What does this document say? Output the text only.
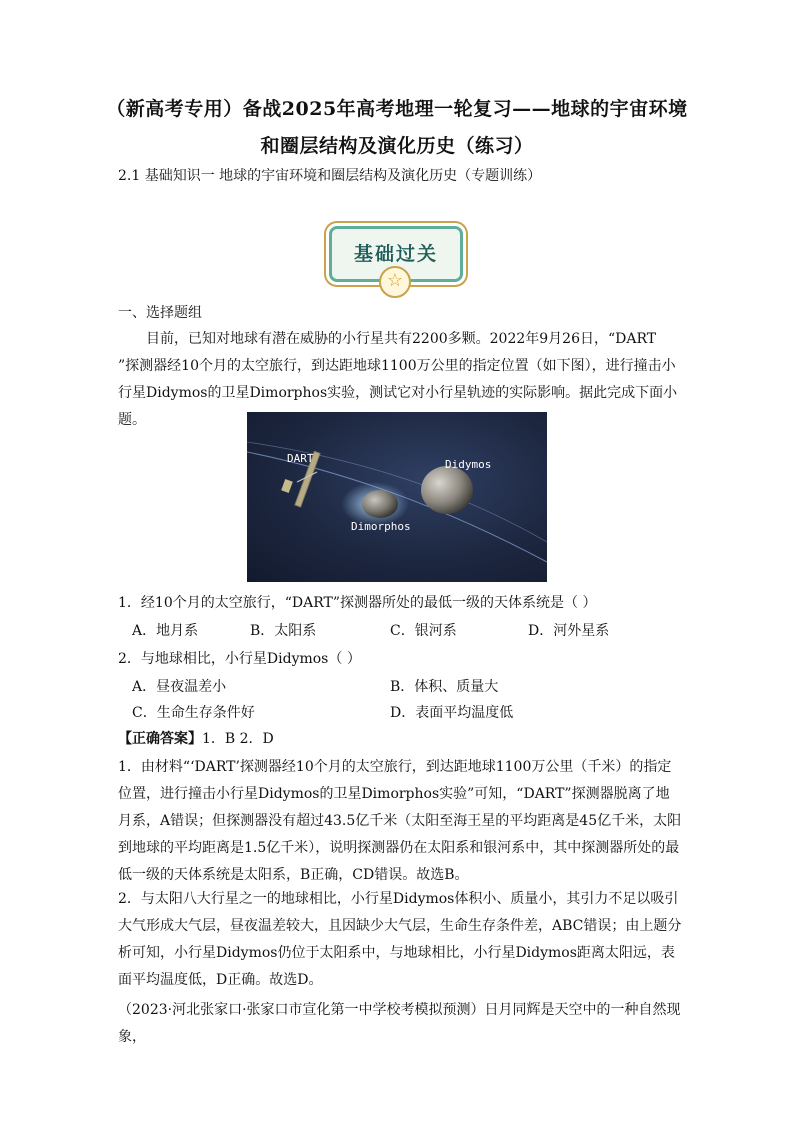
（新高考专用）备战2025年高考地理一轮复习——地球的宇宙环境
和圈层结构及演化历史（练习）
2.1 基础知识一 地球的宇宙环境和圈层结构及演化历史（专题训练）
基础过关
☆
一、选择题组
目前，已知对地球有潜在威胁的小行星共有2200多颗。2022年9月26日，“DART ”探测器经10个月的太空旅行，到达距地球1100万公里的指定位置（如下图），进行撞击小行星Didymos的卫星Dimorphos实验，测试它对小行星轨迹的实际影响。据此完成下面小题。
DART	Didymos
Dimorphos
1．经10个月的太空旅行，“DART”探测器所处的最低一级的天体系统是（ ）
A．地月系	B．太阳系	C．银河系	D．河外星系
2．与地球相比，小行星Didymos（ ）
A．昼夜温差小	B．体积、质量大
C．生命生存条件好	D．表面平均温度低
【正确答案】1．B 2．D
1．由材料“‘DART’探测器经10个月的太空旅行，到达距地球1100万公里（千米）的指定位置，进行撞击小行星Didymos的卫星Dimorphos实验”可知，“DART”探测器脱离了地月系，A错误；但探测器没有超过43.5亿千米（太阳至海王星的平均距离是45亿千米，太阳到地球的平均距离是1.5亿千米），说明探测器仍在太阳系和银河系中，其中探测器所处的最低一级的天体系统是太阳系，B正确，CD错误。故选B。
2．与太阳八大行星之一的地球相比，小行星Didymos体积小、质量小，其引力不足以吸引大气形成大气层，昼夜温差较大，且因缺少大气层，生命生存条件差，ABC错误；由上题分析可知，小行星Didymos仍位于太阳系中，与地球相比，小行星Didymos距离太阳远，表面平均温度低，D正确。故选D。
（2023·河北张家口·张家口市宣化第一中学校考模拟预测）日月同辉是天空中的一种自然现象，
